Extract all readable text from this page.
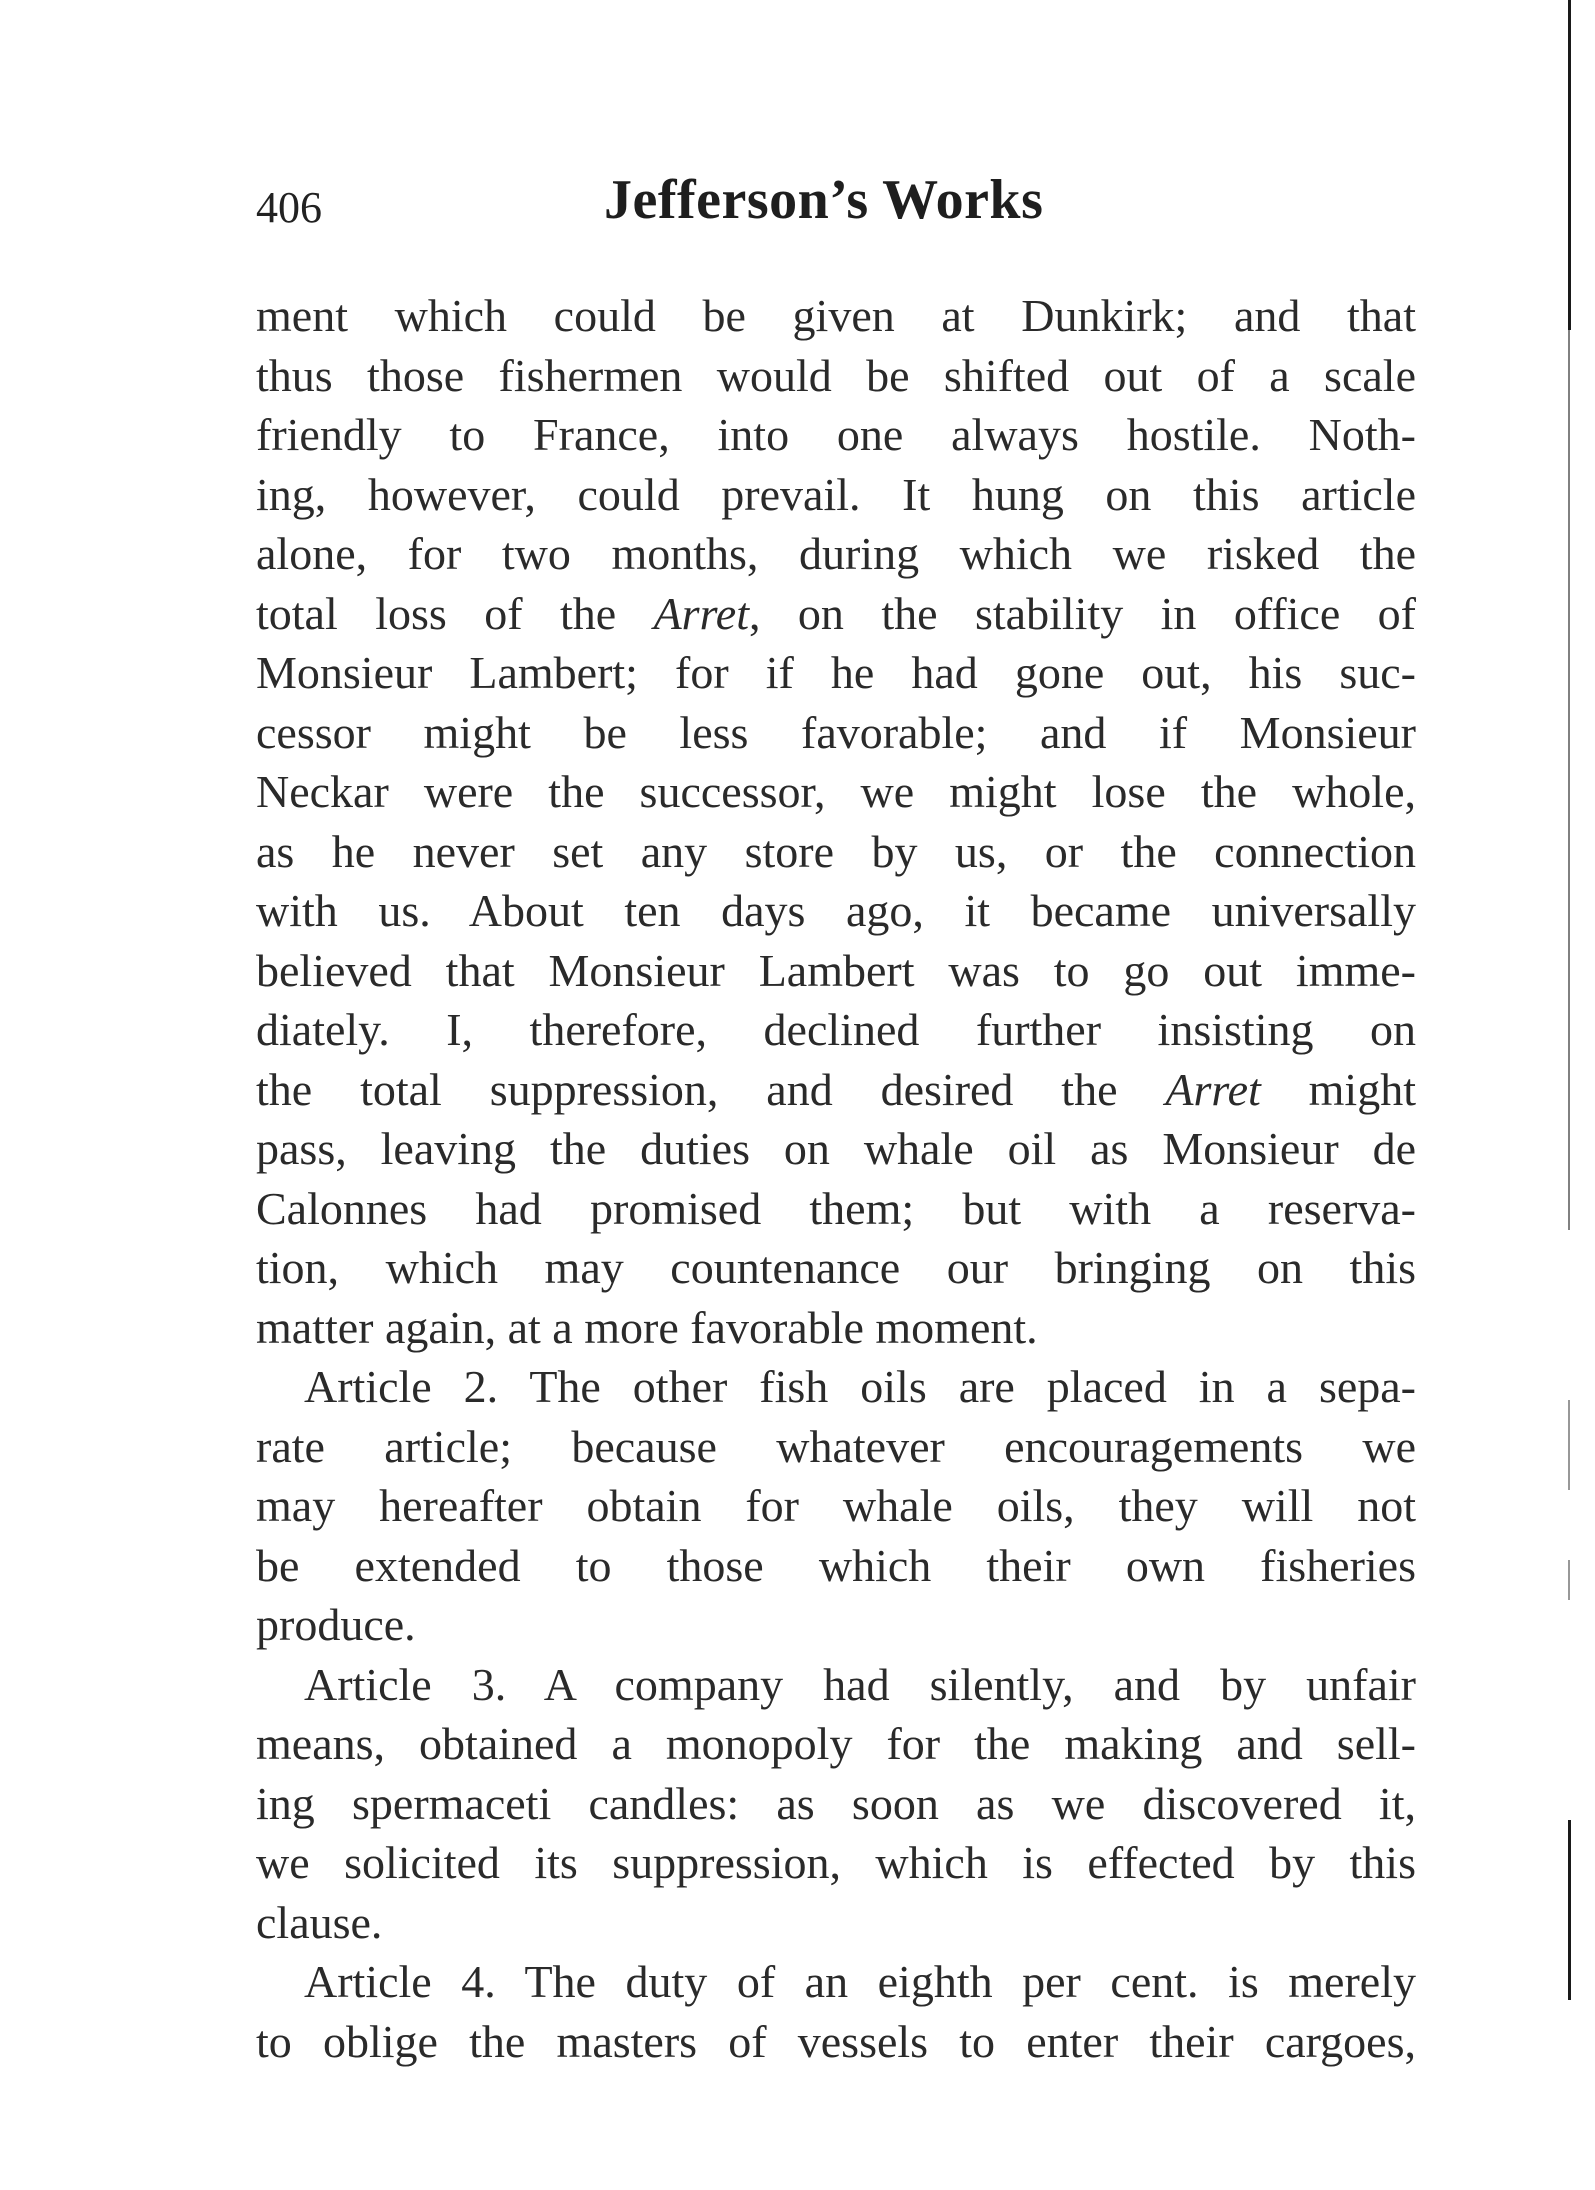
406	Jefferson’s Works
ment which could be given at Dunkirk; and that
thus those fishermen would be shifted out of a scale
friendly to France, into one always hostile. Noth-
ing, however, could prevail. It hung on this article
alone, for two months, during which we risked the
total loss of the Arret, on the stability in office of
Monsieur Lambert; for if he had gone out, his suc-
cessor might be less favorable; and if Monsieur
Neckar were the successor, we might lose the whole,
as he never set any store by us, or the connection
with us. About ten days ago, it became universally
believed that Monsieur Lambert was to go out imme-
diately. I, therefore, declined further insisting on
the total suppression, and desired the Arret might
pass, leaving the duties on whale oil as Monsieur de
Calonnes had promised them; but with a reserva-
tion, which may countenance our bringing on this
matter again, at a more favorable moment.
Article 2. The other fish oils are placed in a sepa-
rate article; because whatever encouragements we
may hereafter obtain for whale oils, they will not
be extended to those which their own fisheries
produce.
Article 3. A company had silently, and by unfair
means, obtained a monopoly for the making and sell-
ing spermaceti candles: as soon as we discovered it,
we solicited its suppression, which is effected by this
clause.
Article 4. The duty of an eighth per cent. is merely
to oblige the masters of vessels to enter their cargoes,
